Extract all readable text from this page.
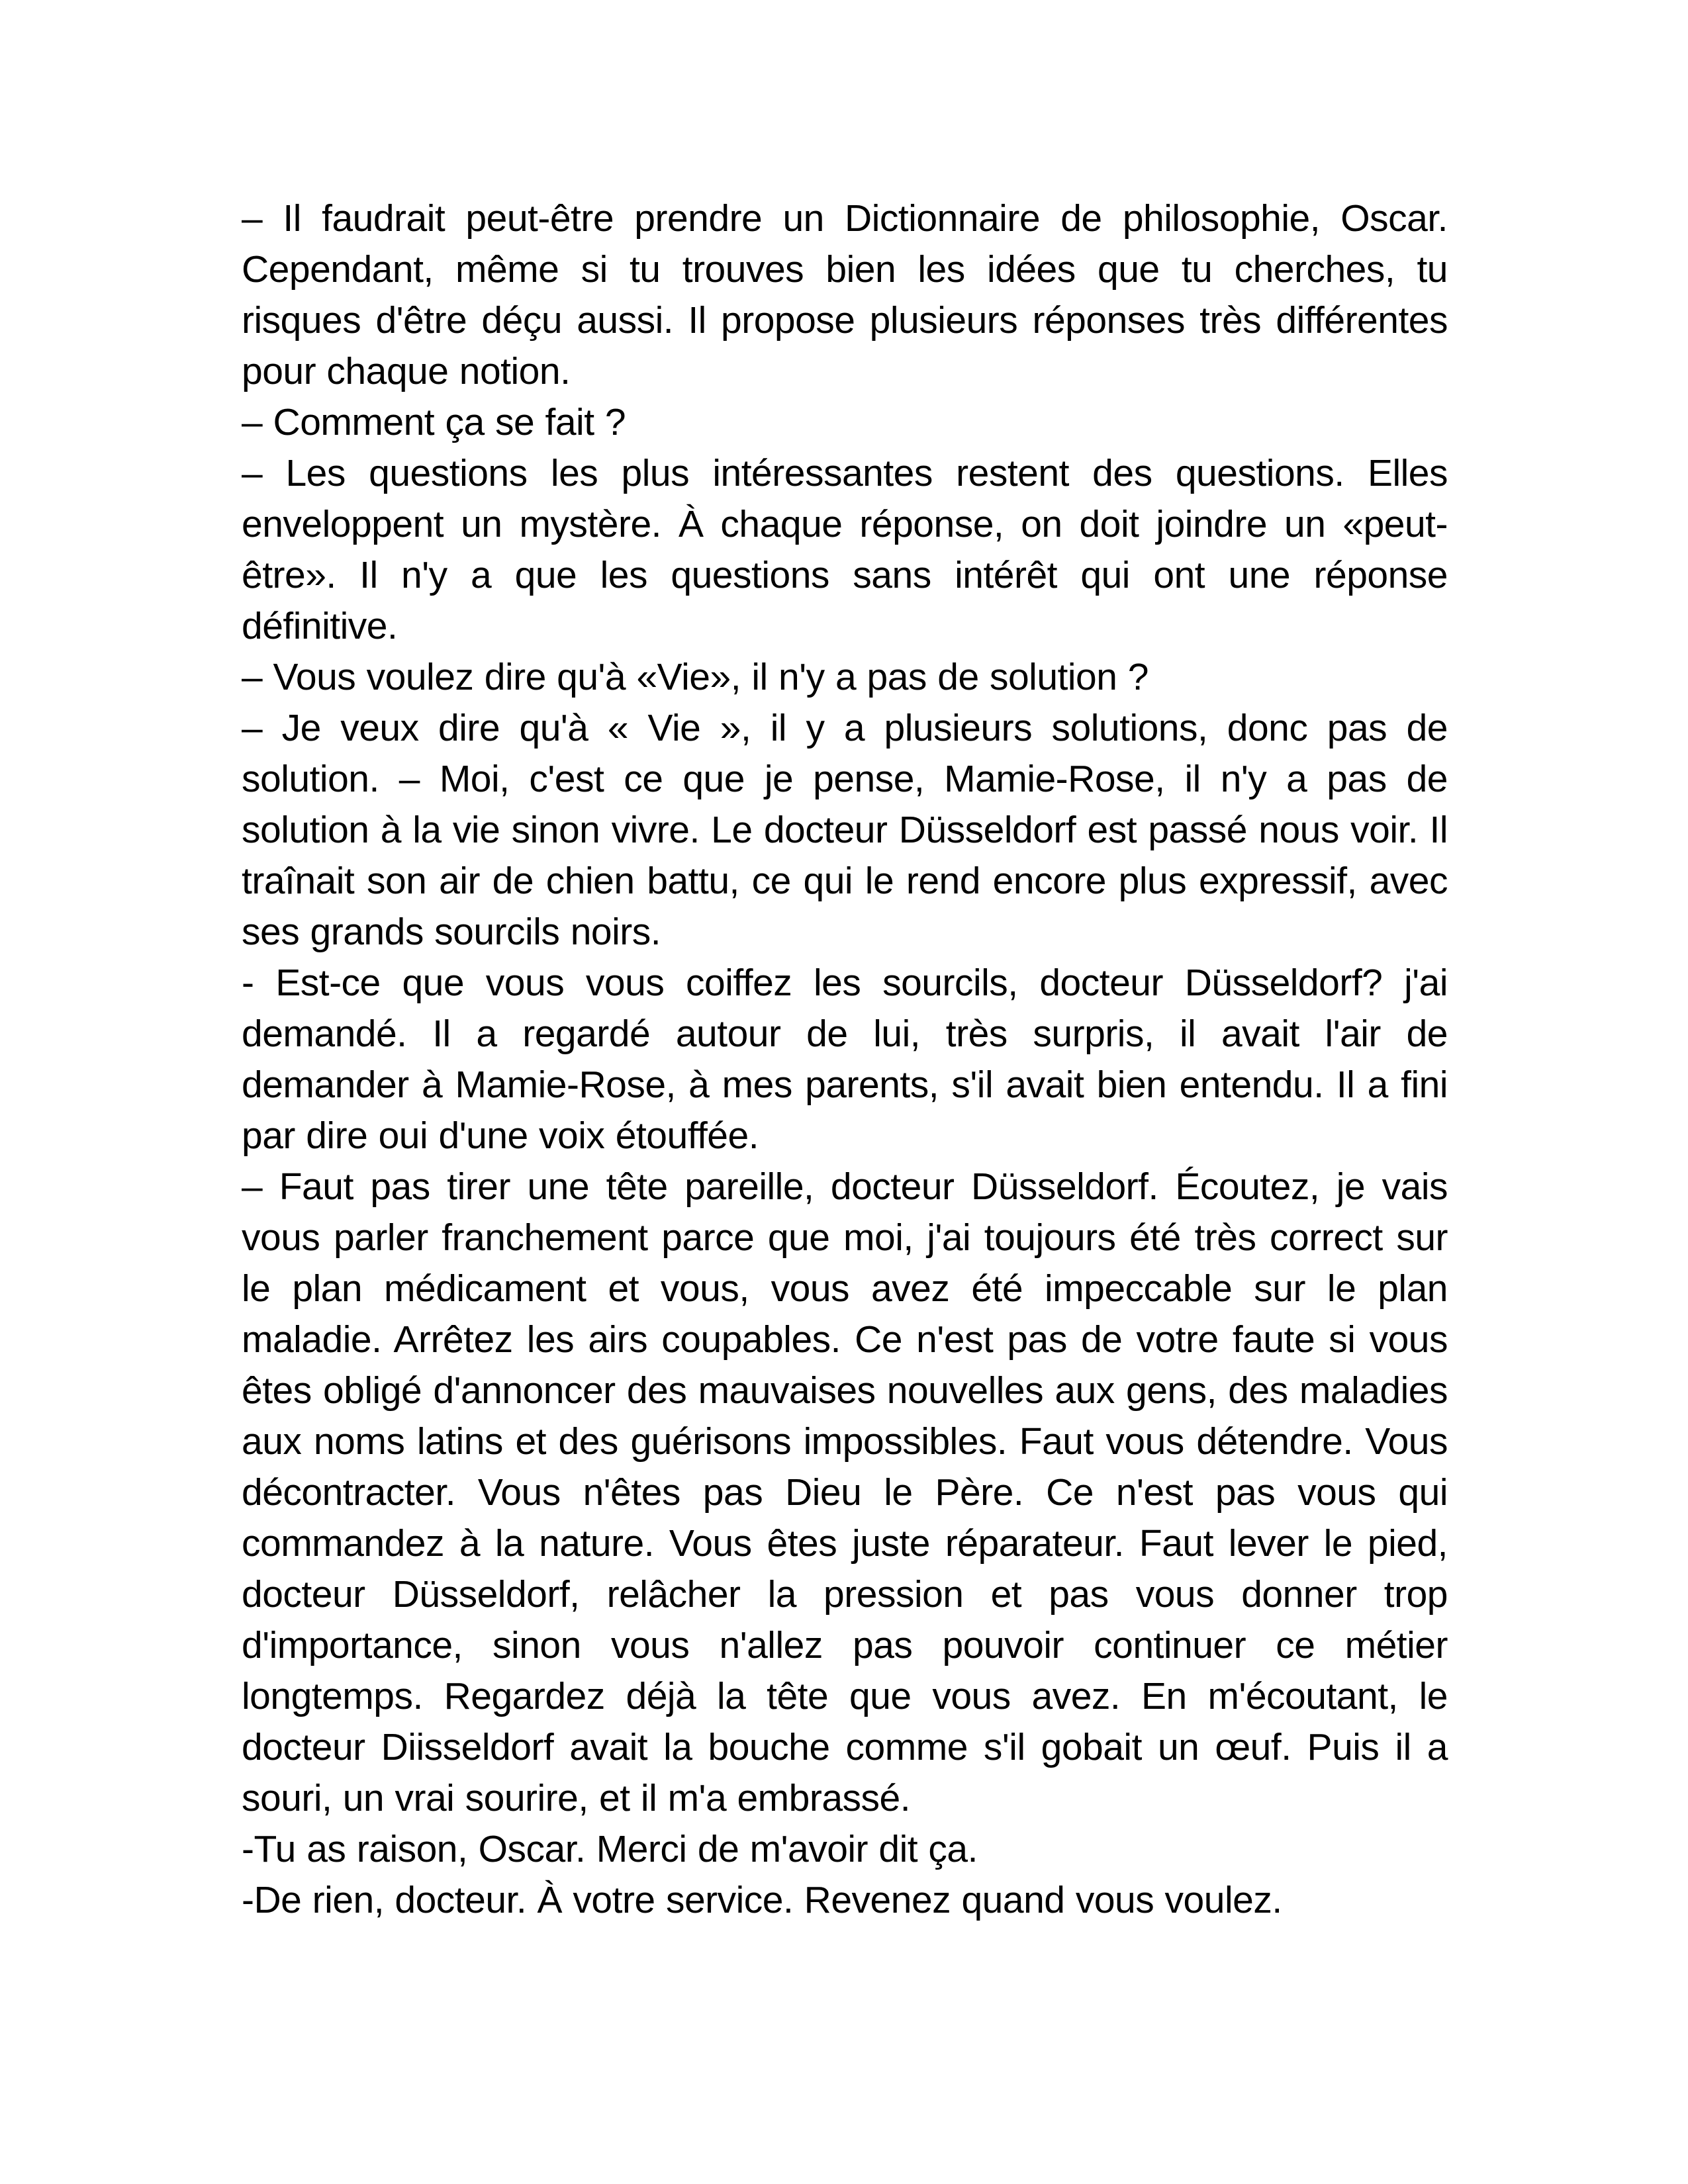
– Il faudrait peut-être prendre un Dictionnaire de philosophie, Oscar. Cependant, même si tu trouves bien les idées que tu cherches, tu risques d'être déçu aussi. Il propose plusieurs réponses très différentes pour chaque notion.

– Comment ça se fait ?

– Les questions les plus intéressantes restent des questions. Elles enveloppent un mystère. À chaque réponse, on doit joindre un «peut-être». Il n'y a que les questions sans intérêt qui ont une réponse définitive.

– Vous voulez dire qu'à «Vie», il n'y a pas de solution ?

– Je veux dire qu'à « Vie », il y a plusieurs solutions, donc pas de solution. – Moi, c'est ce que je pense, Mamie-Rose, il n'y a pas de solution à la vie sinon vivre. Le docteur Düsseldorf est passé nous voir. Il traînait son air de chien battu, ce qui le rend encore plus expressif, avec ses grands sourcils noirs.

- Est-ce que vous vous coiffez les sourcils, docteur Düsseldorf? j'ai demandé. Il a regardé autour de lui, très surpris, il avait l'air de demander à Mamie-Rose, à mes parents, s'il avait bien entendu. Il a fini par dire oui d'une voix étouffée.

– Faut pas tirer une tête pareille, docteur Düsseldorf. Écoutez, je vais vous parler franchement parce que moi, j'ai toujours été très correct sur le plan médicament et vous, vous avez été impeccable sur le plan maladie. Arrêtez les airs coupables. Ce n'est pas de votre faute si vous êtes obligé d'annoncer des mauvaises nouvelles aux gens, des maladies aux noms latins et des guérisons impossibles. Faut vous détendre. Vous décontracter. Vous n'êtes pas Dieu le Père. Ce n'est pas vous qui commandez à la nature. Vous êtes juste réparateur. Faut lever le pied, docteur Düsseldorf, relâcher la pression et pas vous donner trop d'importance, sinon vous n'allez pas pouvoir continuer ce métier longtemps. Regardez déjà la tête que vous avez. En m'écoutant, le docteur Diisseldorf avait la bouche comme s'il gobait un œuf. Puis il a souri, un vrai sourire, et il m'a embrassé.

-Tu as raison, Oscar. Merci de m'avoir dit ça.

-De rien, docteur. À votre service. Revenez quand vous voulez.
